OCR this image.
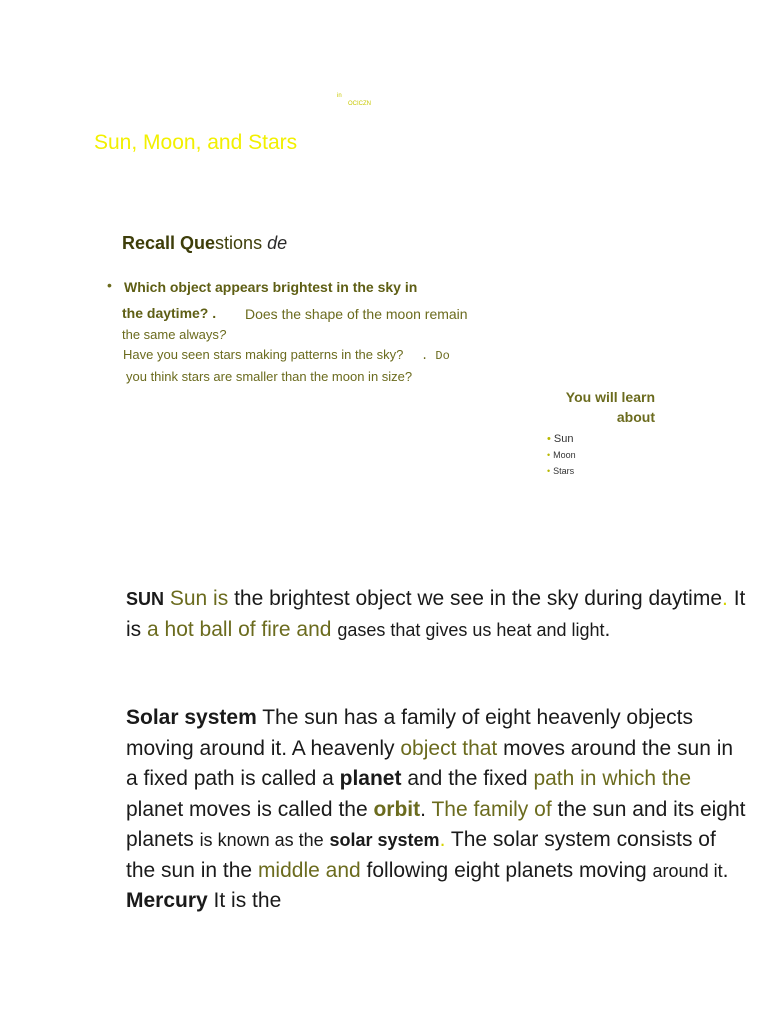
in
OCICZN
Sun, Moon, and Stars
Recall Questions de
• Which object appears brightest in the sky in
the daytime? . Does the shape of the moon remain
the same always?
Have you seen stars making patterns in the sky? . Do
you think stars are smaller than the moon in size?
You will learn about
• Sun
• Moon
• Stars
SUN Sun is the brightest object we see in the sky during daytime. It is a hot ball of fire and gases that gives us heat and light.
Solar system The sun has a family of eight heavenly objects moving around it. A heavenly object that moves around the sun in a fixed path is called a planet and the fixed path in which the planet moves is called the orbit. The family of the sun and its eight planets is known as the solar system. The solar system consists of the sun in the middle and following eight planets moving around it. Mercury It is the
